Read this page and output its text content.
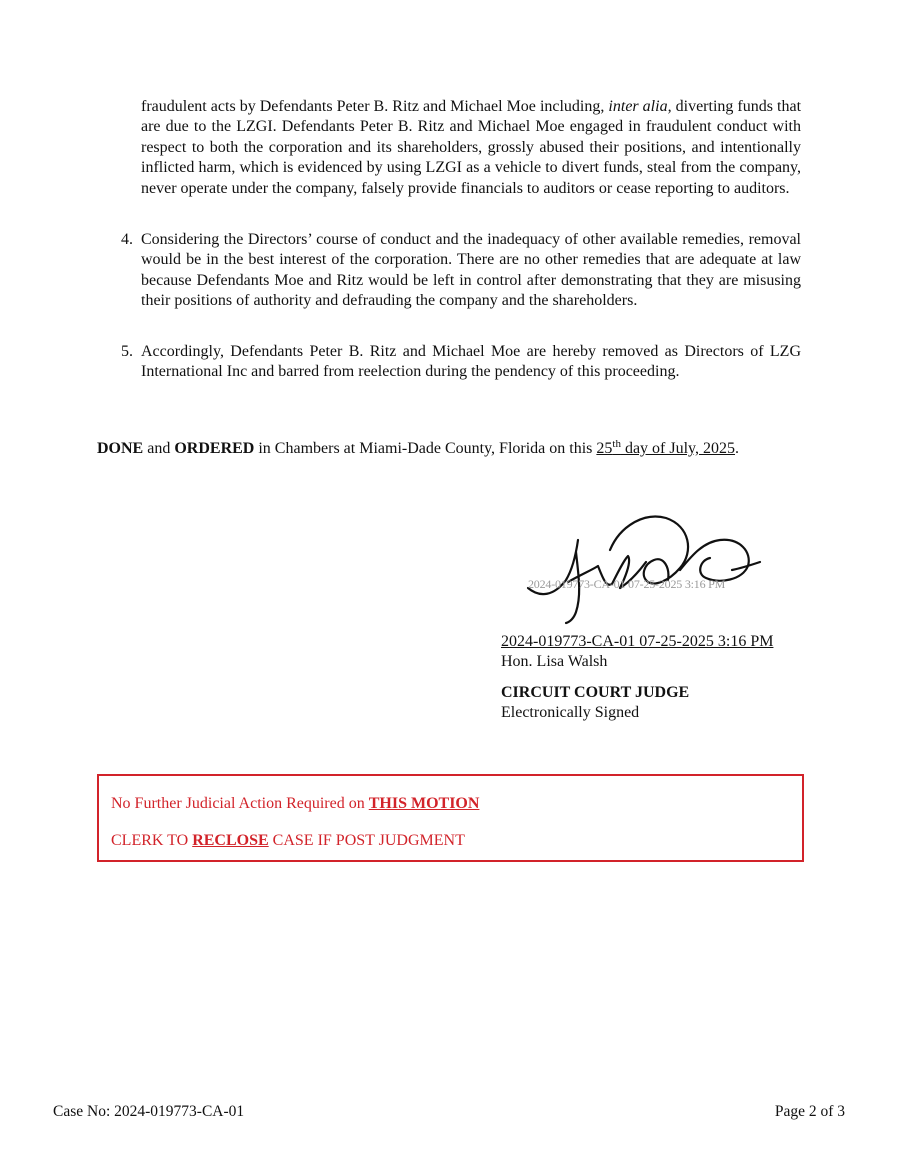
fraudulent acts by Defendants Peter B. Ritz and Michael Moe including, inter alia, diverting funds that are due to the LZGI. Defendants Peter B. Ritz and Michael Moe engaged in fraudulent conduct with respect to both the corporation and its shareholders, grossly abused their positions, and intentionally inflicted harm, which is evidenced by using LZGI as a vehicle to divert funds, steal from the company, never operate under the company, falsely provide financials to auditors or cease reporting to auditors.

4. Considering the Directors’ course of conduct and the inadequacy of other available remedies, removal would be in the best interest of the corporation. There are no other remedies that are adequate at law because Defendants Moe and Ritz would be left in control after demonstrating that they are misusing their positions of authority and defrauding the company and the shareholders.
5. Accordingly, Defendants Peter B. Ritz and Michael Moe are hereby removed as Directors of LZG International Inc and barred from reelection during the pendency of this proceeding.

DONE and ORDERED in Chambers at Miami-Dade County, Florida on this 25th day of July, 2025.

2024-019773-CA-01 07-25-2025 3:16 PM
2024-019773-CA-01 07-25-2025 3:16 PM
Hon. Lisa Walsh
CIRCUIT COURT JUDGE
Electronically Signed
No Further Judicial Action Required on THIS MOTION
CLERK TO RECLOSE CASE IF POST JUDGMENT
Case No: 2024-019773-CA-01	Page 2 of 3
